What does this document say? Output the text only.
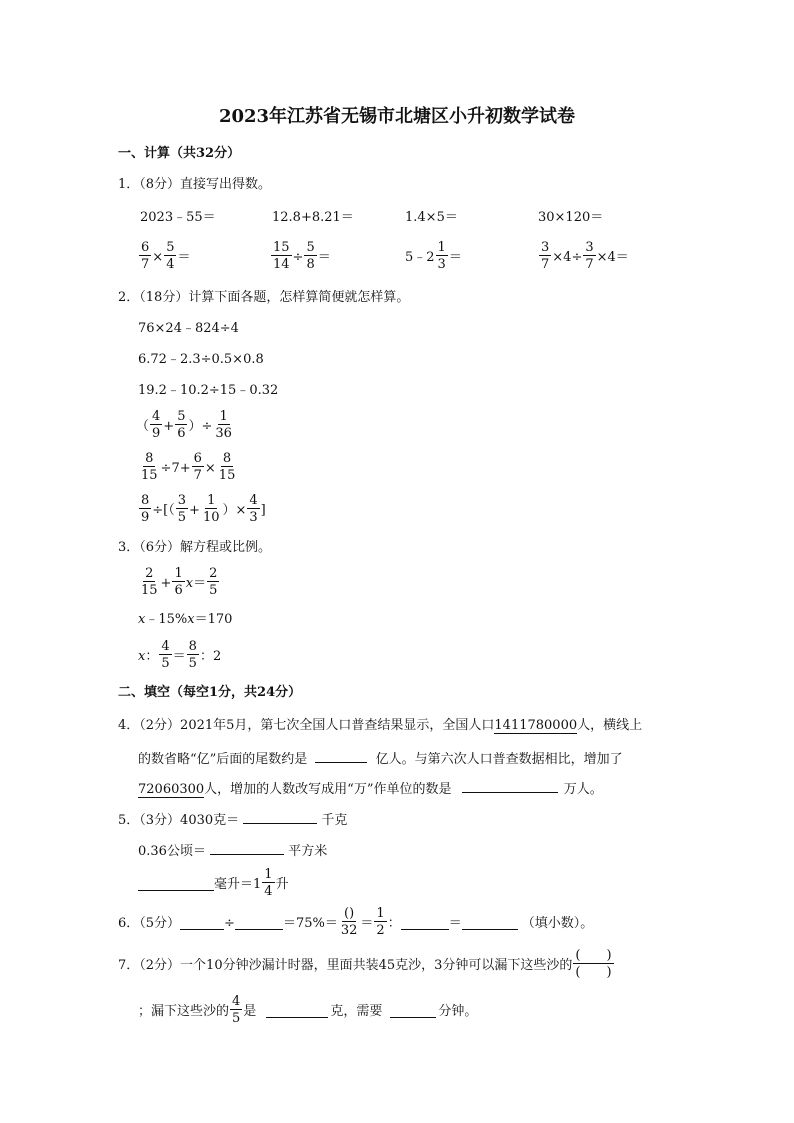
2023年江苏省无锡市北塘区小升初数学试卷
一、计算（共32分）
1．（8分）直接写出得数。
2023﹣55＝	12.8+8.21＝	1.4×5＝	30×120＝
$\frac{6}{7} \times \frac{5}{4}$ ＝	$\frac{15}{14} \div \frac{5}{8}$ ＝	5﹣2 $\frac{1}{3}$ ＝	$\frac{3}{7} \times 4\div \frac{3}{7} \times 4=$
2．（18分）计算下面各题，怎样算简便就怎样算。
76×24﹣824÷4
6.72﹣2.3÷0.5×0.8
19.2﹣10.2÷15﹣0.32
（ $\frac{4}{9} + \frac{5}{6}$ ）÷ $\frac{1}{36}$
$\frac{8}{15} \div 7+ \frac{6}{7} \times \frac{8}{15}$
$\frac{8}{9}$ ÷[（ $\frac{3}{5} + \frac{1}{10}$ ）× $\frac{4}{3}$ ]
3．（6分）解方程或比例。
$\frac{2}{15} + \frac{1}{6}$ $x = \frac{2}{5}$
x﹣15%x＝170
x ： $\frac{4}{5} = \frac{8}{5}$ ：2
二、填空（每空1分，共24分）
4．（2分）2021年5月，第七次全国人口普查结果显示，全国人口1411780000人，横线上
的数省略“亿”后面的尾数约是	亿人。与第六次人口普查数据相比，增加了
72060300人，增加的人数改写成用“万”作单位的数是	万人。
5．（3分）4030克＝	千克
0.36公顷＝	平方米
毫升＝ $1 \frac{1}{4}$ 升
6．（5分）	÷	$=75\%= \frac{()}{32} = \frac{1}{2}$ ：	＝	（填小数）。
7．（2分）一个10分钟沙漏计时器，里面共装45克沙，3分钟可以漏下这些沙的 $\frac{( )}{( )}$
；漏下这些沙的 $\frac{4}{5}$ 是	克，需要	分钟。
